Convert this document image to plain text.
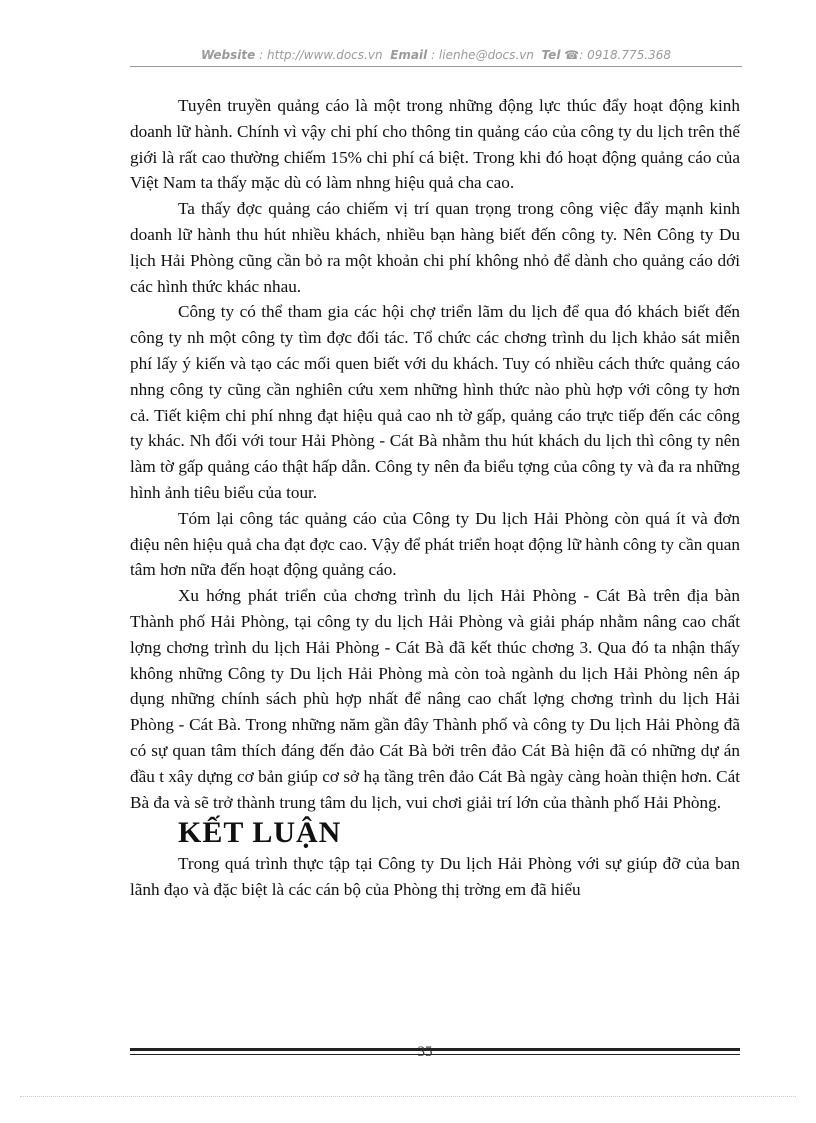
Website : http://www.docs.vn Email : lienhe@docs.vn Tel ☎: 0918.775.368

Tuyên truyền quảng cáo là một trong những động lực thúc đẩy hoạt động kinh doanh lữ hành. Chính vì vậy chi phí cho thông tin quảng cáo của công ty du lịch trên thế giới là rất cao thường chiếm 15% chi phí cá biệt. Trong khi đó hoạt động quảng cáo của Việt Nam ta thấy mặc dù có làm nhng hiệu quả cha cao.

Ta thấy đợc quảng cáo chiếm vị trí quan trọng trong công việc đẩy mạnh kinh doanh lữ hành thu hút nhiều khách, nhiều bạn hàng biết đến công ty. Nên Công ty Du lịch Hải Phòng cũng cần bỏ ra một khoản chi phí không nhỏ để dành cho quảng cáo dới các hình thức khác nhau.

Công ty có thể tham gia các hội chợ triển lãm du lịch để qua đó khách biết đến công ty nh một công ty tìm đợc đối tác. Tổ chức các chơng trình du lịch khảo sát miễn phí lấy ý kiến và tạo các mối quen biết với du khách. Tuy có nhiều cách thức quảng cáo nhng công ty cũng cần nghiên cứu xem những hình thức nào phù hợp với công ty hơn cả. Tiết kiệm chi phí nhng đạt hiệu quả cao nh tờ gấp, quảng cáo trực tiếp đến các công ty khác. Nh đối với tour Hải Phòng - Cát Bà nhằm thu hút khách du lịch thì công ty nên làm tờ gấp quảng cáo thật hấp dẫn. Công ty nên đa biểu tợng của công ty và đa ra những hình ảnh tiêu biểu của tour.

Tóm lại công tác quảng cáo của Công ty Du lịch Hải Phòng còn quá ít và đơn điệu nên hiệu quả cha đạt đợc cao. Vậy để phát triển hoạt động lữ hành công ty cần quan tâm hơn nữa đến hoạt động quảng cáo.

Xu hớng phát triển của chơng trình du lịch Hải Phòng - Cát Bà trên địa bàn Thành phố Hải Phòng, tại công ty du lịch Hải Phòng và giải pháp nhằm nâng cao chất lợng chơng trình du lịch Hải Phòng - Cát Bà đã kết thúc chơng 3. Qua đó ta nhận thấy không những Công ty Du lịch Hải Phòng mà còn toà ngành du lịch Hải Phòng nên áp dụng những chính sách phù hợp nhất để nâng cao chất lợng chơng trình du lịch Hải Phòng - Cát Bà. Trong những năm gần đây Thành phố và công ty Du lịch Hải Phòng đã có sự quan tâm thích đáng đến đảo Cát Bà bởi trên đảo Cát Bà hiện đã có những dự án đầu t xây dựng cơ bản giúp cơ sở hạ tầng trên đảo Cát Bà ngày càng hoàn thiện hơn. Cát Bà đa và sẽ trở thành trung tâm du lịch, vui chơi giải trí lớn của thành phố Hải Phòng.

KẾT LUẬN

Trong quá trình thực tập tại Công ty Du lịch Hải Phòng với sự giúp đỡ của ban lãnh đạo và đặc biệt là các cán bộ của Phòng thị trờng em đã hiểu

35
